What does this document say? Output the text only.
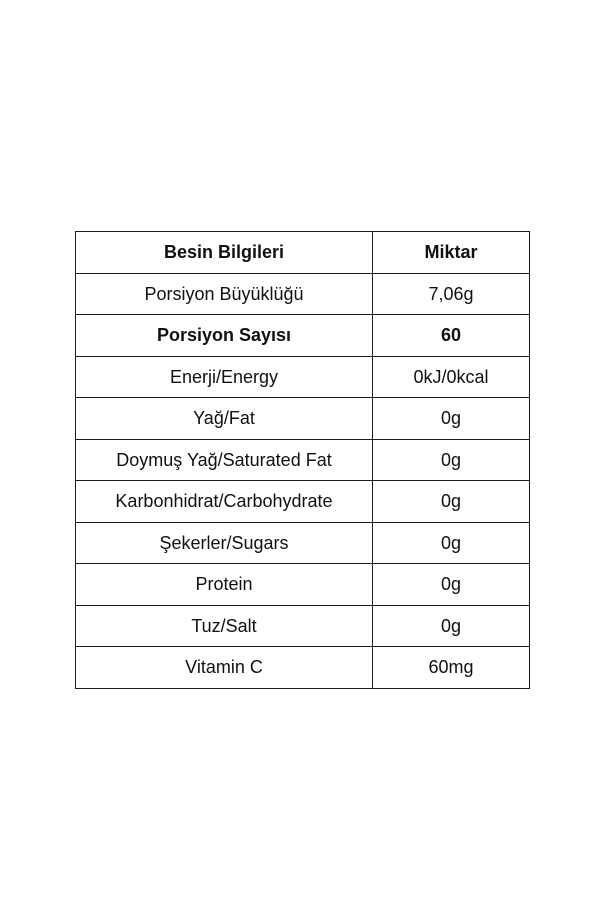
Besin Bilgileri	Miktar
Porsiyon Büyüklüğü	7,06g
Porsiyon Sayısı	60
Enerji/Energy	0kJ/0kcal
Yağ/Fat	0g
Doymuş Yağ/Saturated Fat	0g
Karbonhidrat/Carbohydrate	0g
Şekerler/Sugars	0g
Protein	0g
Tuz/Salt	0g
Vitamin C	60mg
